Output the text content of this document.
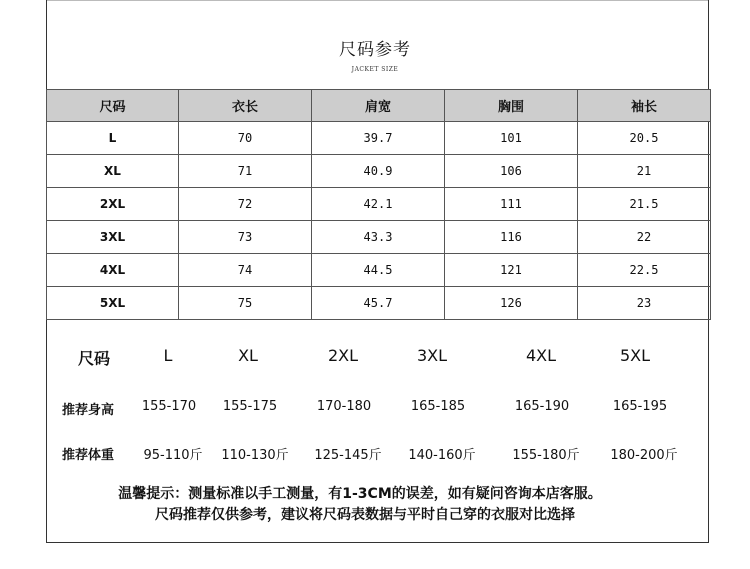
尺码参考
JACKET SIZE
尺码	衣长	肩宽	胸围	袖长
L	70	39.7	101	20.5
XL	71	40.9	106	21
2XL	72	42.1	111	21.5
3XL	73	43.3	116	22
4XL	74	44.5	121	22.5
5XL	75	45.7	126	23
尺码	L	XL	2XL	3XL	4XL	5XL
推荐身高 155-170 155-175	170-180	165-185	165-190	165-195
推荐体重 95-110斤 110-130斤 125-145斤 140-160斤	155-180斤 180-200斤
温馨提示：测量标准以手工测量，有1-3CM的误差，如有疑问咨询本店客服。
尺码推荐仅供参考，建议将尺码表数据与平时自己穿的衣服对比选择
